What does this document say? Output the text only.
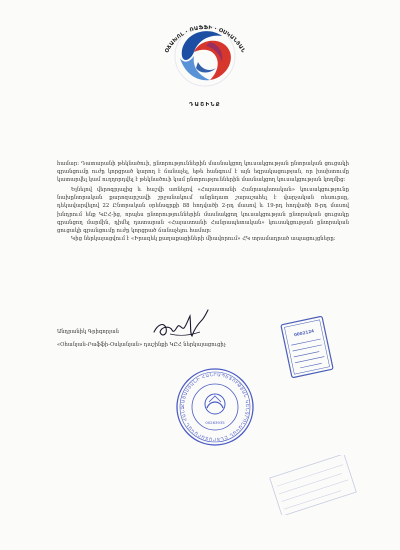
ՕՃԱԽՈԼ · ՌԱՖՖԻ · ՕՍԿԱՆՅԱՆ
ԴԱՇԻՆՔ

համար: Դատարանի թեկնածուի, ընտրություններին մասնակցող կուսակցության ընտրական ցուցակի գրանցումը ուժը կորցրած կարող է ճանաչել, եթե հանգում է այն եզրակացության, որ խախտումը կատարվել կամ ուղղորդվել է թեկնածուի կամ ընտրություններին մասնակցող կուսակցության կողմից:

Ելնելով վերոգրյալից և հաշվի առնելով «Հայաստանի Հանրապետական» կուսակցությունը նախընտրական քարոզարշավի շրջանակում անընդատ շարաշահել է վարչական ռեսուրսը, դեկավարվելով 22 Ընտրական օրենսգրքի 88 հոդվածի 2-րդ մասով և 19-րդ հոդվածի 8-րդ մասով խնդրում ենք ԿԸՀ-ից, որպես ընտրություններին մասնակցող կուսակցության ընտրական ցուցակը գրանցող մարմին, դիմել դատարան «Հայաստանի Հանրապետական» կուսակցության ընտրական ցուցակի գրանցումը ուժը կորցրած ճանաչելու համար:

Կից ներկայացվում է «Իրազեկ քաղաքացիների միավորում» ՀԿ տրամադրած ապացույցները:

Անդրանիկ Գրիգորյան
«Օհանյան-Րաֆֆի-Օսկանյան» դաշինքի ԿԸՀ ներկայացուցիչ
0002124
ՀԱՅԱՍՏԱՆԻ ՀԱՆՐԱՊԵՏՈՒԹՅԱՆ ԿԵՆՏՐՈՆԱԿԱՆ ԸՆՏՐԱՏԱՐԱԿԱՆ ՀԱՆՁ
00263935
